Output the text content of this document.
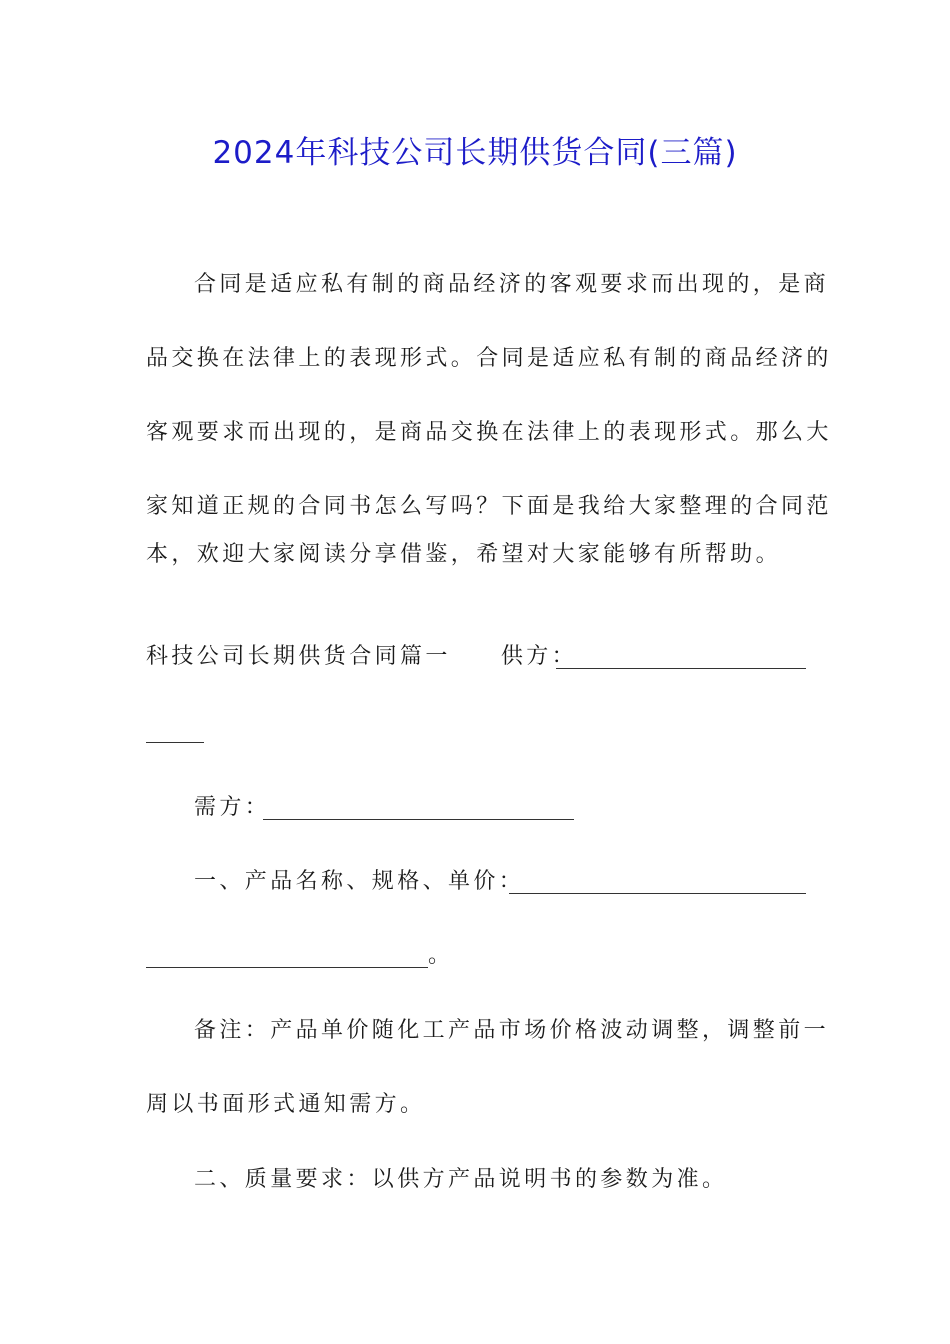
2024年科技公司长期供货合同(三篇)
合同是适应私有制的商品经济的客观要求而出现的，是商
品交换在法律上的表现形式。合同是适应私有制的商品经济的
客观要求而出现的，是商品交换在法律上的表现形式。那么大
家知道正规的合同书怎么写吗？下面是我给大家整理的合同范
本，欢迎大家阅读分享借鉴，希望对大家能够有所帮助。
科技公司长期供货合同篇一 供方：
需方：
一、产品名称、规格、单价：
。
备注：产品单价随化工产品市场价格波动调整，调整前一
周以书面形式通知需方。
二、质量要求：以供方产品说明书的参数为准。
